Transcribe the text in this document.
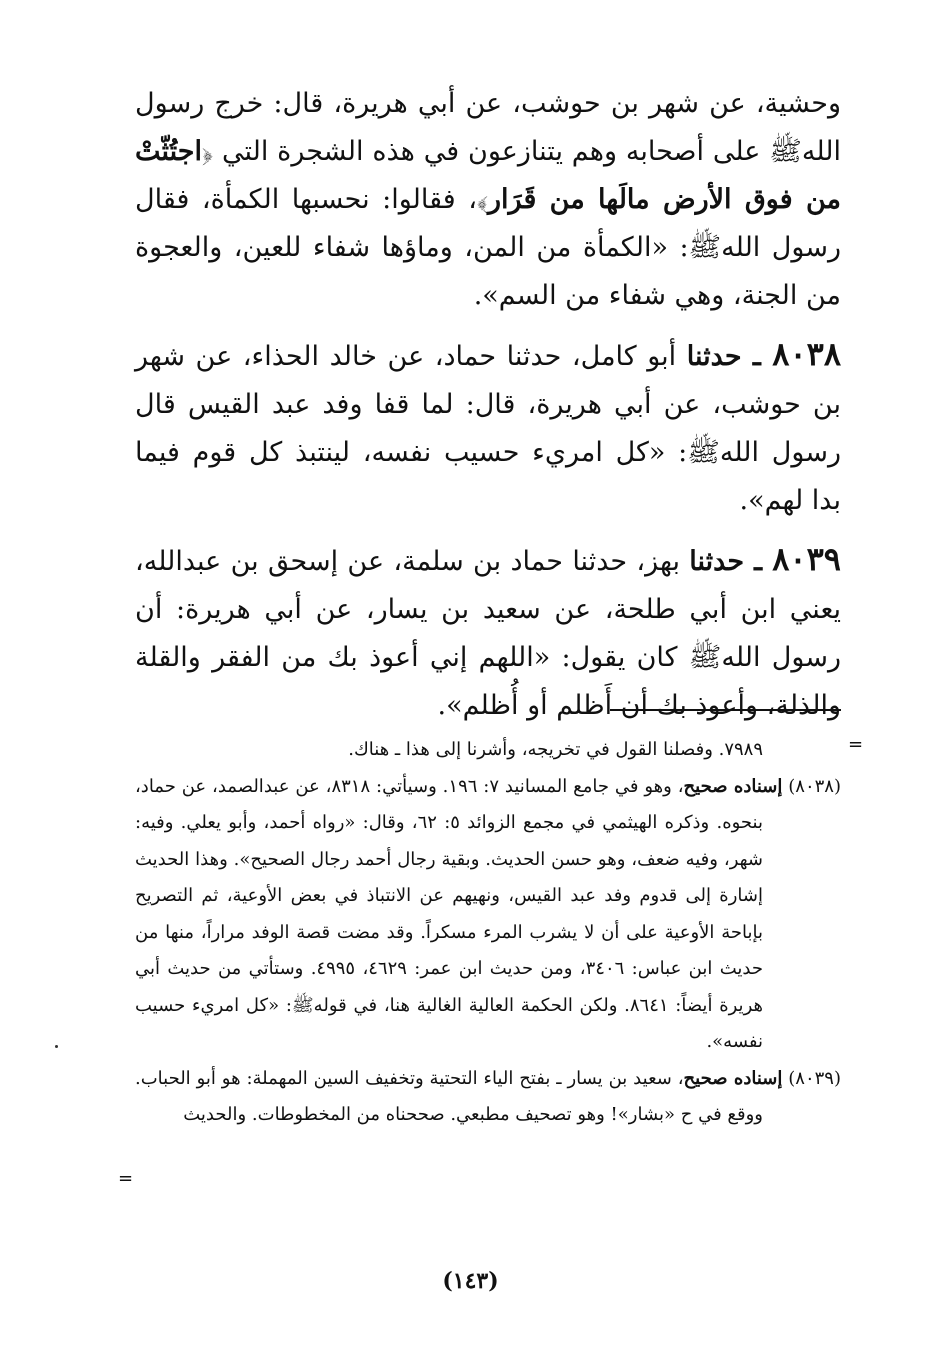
وحشية، عن شهر بن حوشب، عن أبي هريرة، قال: خرج رسول اللهﷺ على أصحابه وهم يتنازعون في هذه الشجرة التي ﴿اجتُثّتْ من فوق الأرض مالَها من قَرَار﴾، فقالوا: نحسبها الكمأة، فقال رسول اللهﷺ: «الكمأة من المن، وماؤها شفاء للعين، والعجوة من الجنة، وهي شفاء من السم».

٨٠٣٨ ـ حدثنا أبو كامل، حدثنا حماد، عن خالد الحذاء، عن شهر بن حوشب، عن أبي هريرة، قال: لما قفا وفد عبد القيس قال رسول اللهﷺ: «كل امريء حسيب نفسه، لينتبذ كل قوم فيما بدا لهم».

٨٠٣٩ ـ حدثنا بهز، حدثنا حماد بن سلمة، عن إسحق بن عبدالله، يعني ابن أبي طلحة، عن سعيد بن يسار، عن أبي هريرة: أن رسول اللهﷺ كان يقول: «اللهم إني أعوذ بك من الفقر والقلة والذلة، وأعوذ بك أن أَظلم أو أُظلم».

=

٧٩٨٩. وفصلنا القول في تخريجه، وأشرنا إلى هذا ـ هناك.

(٨٠٣٨) إسناده صحيح، وهو في جامع المسانيد ٧: ١٩٦. وسيأتي: ٨٣١٨، عن عبدالصمد، عن حماد، بنحوه. وذكره الهيثمي في مجمع الزوائد ٥: ٦٢، وقال: «رواه أحمد، وأبو يعلي. وفيه: شهر، وفيه ضعف، وهو حسن الحديث. وبقية رجال أحمد رجال الصحيح». وهذا الحديث إشارة إلى قدوم وفد عبد القيس، ونهيهم عن الانتباذ في بعض الأوعية، ثم التصريح بإباحة الأوعية على أن لا يشرب المرء مسكراً. وقد مضت قصة الوفد مراراً، منها من حديث ابن عباس: ٣٤٠٦، ومن حديث ابن عمر: ٤٦٢٩، ٤٩٩٥. وستأتي من حديث أبي هريرة أيضاً: ٨٦٤١. ولكن الحكمة العالية الغالية هنا، في قولهﷺ: «كل امريء حسيب نفسه».

(٨٠٣٩) إسناده صحيح، سعيد بن يسار ـ بفتح الياء التحتية وتخفيف السين المهملة: هو أبو الحباب. ووقع في ح «بشار»! وهو تصحيف مطبعي. صححناه من المخطوطات. والحديث

=
(١٤٣)
